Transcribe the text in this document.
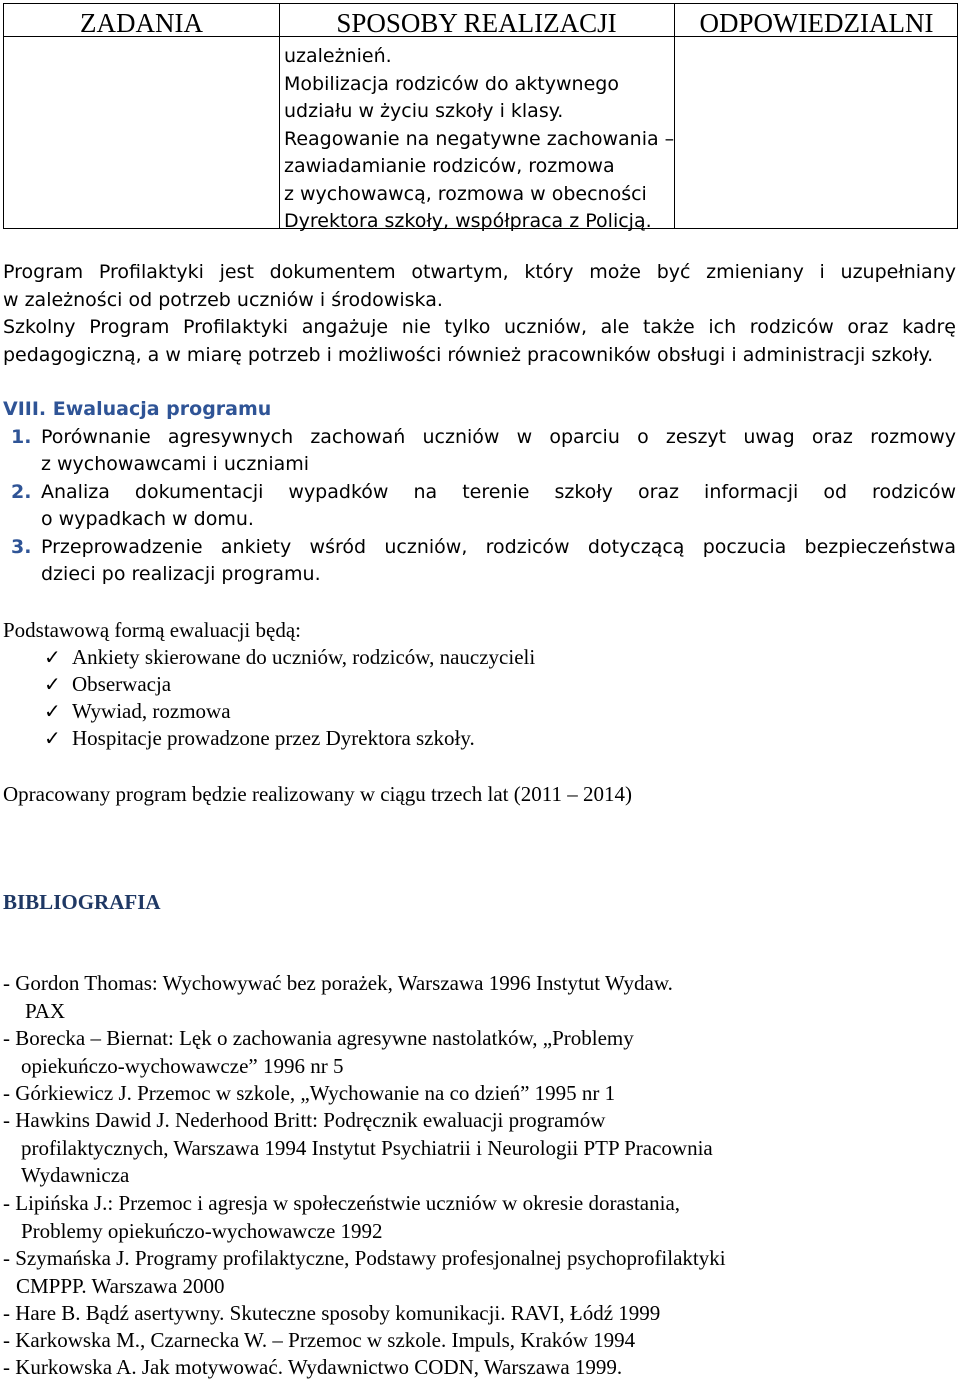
ZADANIA	SPOSOBY REALIZACJI	ODPOWIEDZIALNI
uzależnień.
Mobilizacja rodziców do aktywnego
udziału w życiu szkoły i klasy.
Reagowanie na negatywne zachowania –
zawiadamianie rodziców, rozmowa
z wychowawcą, rozmowa w obecności
Dyrektora szkoły, współpraca z Policją.
Program Profilaktyki jest dokumentem otwartym, który może być zmieniany i uzupełniany
w zależności od potrzeb uczniów i środowiska.
Szkolny Program Profilaktyki angażuje nie tylko uczniów, ale także ich rodziców oraz kadrę
pedagogiczną, a w miarę potrzeb i możliwości również pracowników obsługi i administracji szkoły.
VIII. Ewaluacja programu
1. Porównanie agresywnych zachowań uczniów w oparciu o zeszyt uwag oraz rozmowy
z wychowawcami i uczniami
2. Analiza dokumentacji wypadków na terenie szkoły oraz informacji od rodziców
o wypadkach w domu.
3. Przeprowadzenie ankiety wśród uczniów, rodziców dotyczącą poczucia bezpieczeństwa
dzieci po realizacji programu.
Podstawową formą ewaluacji będą:
✓ Ankiety skierowane do uczniów, rodziców, nauczycieli
✓ Obserwacja
✓ Wywiad, rozmowa
✓ Hospitacje prowadzone przez Dyrektora szkoły.
Opracowany program będzie realizowany w ciągu trzech lat (2011 – 2014)
BIBLIOGRAFIA
- Gordon Thomas: Wychowywać bez porażek, Warszawa 1996 Instytut Wydaw.
PAX
- Borecka – Biernat: Lęk o zachowania agresywne nastolatków, „Problemy
opiekuńczo-wychowawcze” 1996 nr 5
- Górkiewicz J. Przemoc w szkole, „Wychowanie na co dzień” 1995 nr 1
- Hawkins Dawid J. Nederhood Britt: Podręcznik ewaluacji programów
profilaktycznych, Warszawa 1994 Instytut Psychiatrii i Neurologii PTP Pracownia
Wydawnicza
- Lipińska J.: Przemoc i agresja w społeczeństwie uczniów w okresie dorastania,
Problemy opiekuńczo-wychowawcze 1992
- Szymańska J. Programy profilaktyczne, Podstawy profesjonalnej psychoprofilaktyki
CMPPP. Warszawa 2000
- Hare B. Bądź asertywny. Skuteczne sposoby komunikacji. RAVI, Łódź 1999
- Karkowska M., Czarnecka W. – Przemoc w szkole. Impuls, Kraków 1994
- Kurkowska A. Jak motywować. Wydawnictwo CODN, Warszawa 1999.
